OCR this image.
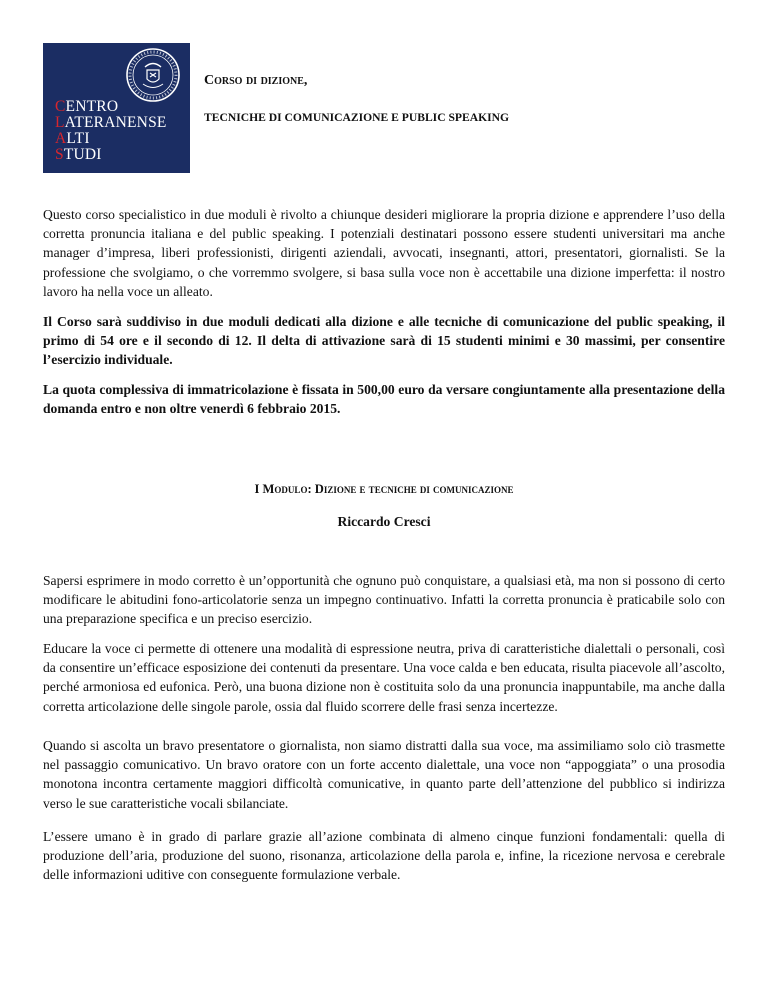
CENTRO
LATERANENSE
ALTI
STUDI
Corso di dizione,
TECNICHE DI COMUNICAZIONE E PUBLIC SPEAKING

Questo corso specialistico in due moduli è rivolto a chiunque desideri migliorare la propria dizione e apprendere l’uso della corretta pronuncia italiana e del public speaking. I potenziali destinatari possono essere studenti universitari ma anche manager d’impresa, liberi professionisti, dirigenti aziendali, avvocati, insegnanti, attori, presentatori, giornalisti. Se la professione che svolgiamo, o che vorremmo svolgere, si basa sulla voce non è accettabile una dizione imperfetta: il nostro lavoro ha nella voce un alleato.

Il Corso sarà suddiviso in due moduli dedicati alla dizione e alle tecniche di comunicazione del public speaking, il primo di 54 ore e il secondo di 12. Il delta di attivazione sarà di 15 studenti minimi e 30 massimi, per consentire l’esercizio individuale.

La quota complessiva di immatricolazione è fissata in 500,00 euro da versare congiuntamente alla presentazione della domanda entro e non oltre venerdì 6 febbraio 2015.

I Modulo: Dizione e tecniche di comunicazione
Riccardo Cresci

Sapersi esprimere in modo corretto è un’opportunità che ognuno può conquistare, a qualsiasi età, ma non si possono di certo modificare le abitudini fono-articolatorie senza un impegno continuativo. Infatti la corretta pronuncia è praticabile solo con una preparazione specifica e un preciso esercizio.

Educare la voce ci permette di ottenere una modalità di espressione neutra, priva di caratteristiche dialettali o personali, così da consentire un’efficace esposizione dei contenuti da presentare. Una voce calda e ben educata, risulta piacevole all’ascolto, perché armoniosa ed eufonica. Però, una buona dizione non è costituita solo da una pronuncia inappuntabile, ma anche dalla corretta articolazione delle singole parole, ossia dal fluido scorrere delle frasi senza incertezze.

Quando si ascolta un bravo presentatore o giornalista, non siamo distratti dalla sua voce, ma assimiliamo solo ciò trasmette nel passaggio comunicativo. Un bravo oratore con un forte accento dialettale, una voce non “appoggiata” o una prosodia monotona incontra certamente maggiori difficoltà comunicative, in quanto parte dell’attenzione del pubblico si indirizza verso le sue caratteristiche vocali sbilanciate.

L’essere umano è in grado di parlare grazie all’azione combinata di almeno cinque funzioni fondamentali: quella di produzione dell’aria, produzione del suono, risonanza, articolazione della parola e, infine, la ricezione nervosa e cerebrale delle informazioni uditive con conseguente formulazione verbale.
